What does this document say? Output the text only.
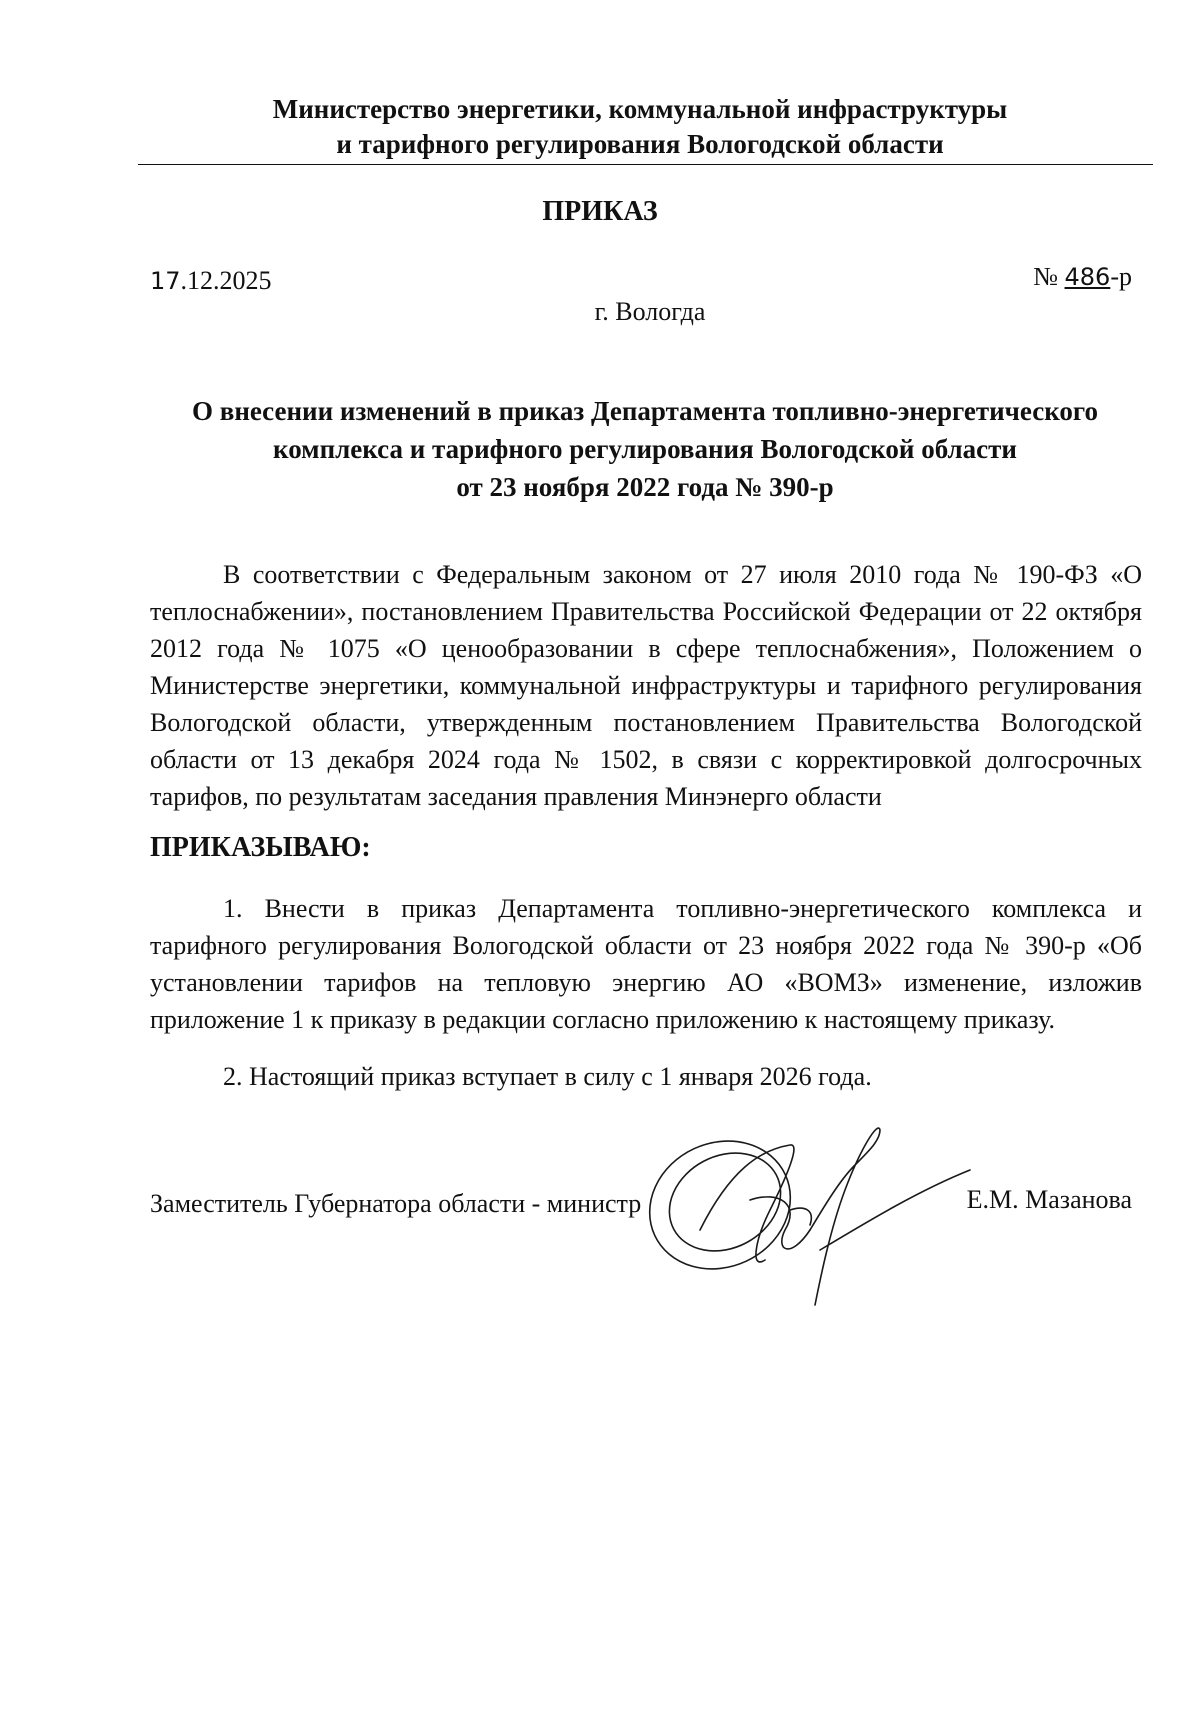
Министерство энергетики, коммунальной инфраструктуры
и тарифного регулирования Вологодской области
ПРИКАЗ
17.12.2025	№ 486-р
г. Вологда
О внесении изменений в приказ Департамента топливно-энергетического
комплекса и тарифного регулирования Вологодской области
от 23 ноября 2022 года № 390-р
В соответствии с Федеральным законом от 27 июля 2010 года № 190-ФЗ «О теплоснабжении», постановлением Правительства Российской Федерации от 22 октября 2012 года № 1075 «О ценообразовании в сфере теплоснабжения», Положением о Министерстве энергетики, коммунальной инфраструктуры и тарифного регулирования Вологодской области, утвержденным постановлением Правительства Вологодской области от 13 декабря 2024 года № 1502, в связи с корректировкой долгосрочных тарифов, по результатам заседания правления Минэнерго области
ПРИКАЗЫВАЮ:
1. Внести в приказ Департамента топливно-энергетического комплекса и тарифного регулирования Вологодской области от 23 ноября 2022 года № 390-р «Об установлении тарифов на тепловую энергию АО «ВОМЗ» изменение, изложив приложение 1 к приказу в редакции согласно приложению к настоящему приказу.
2. Настоящий приказ вступает в силу с 1 января 2026 года.
Заместитель Губернатора области - министр	Е.М. Мазанова
